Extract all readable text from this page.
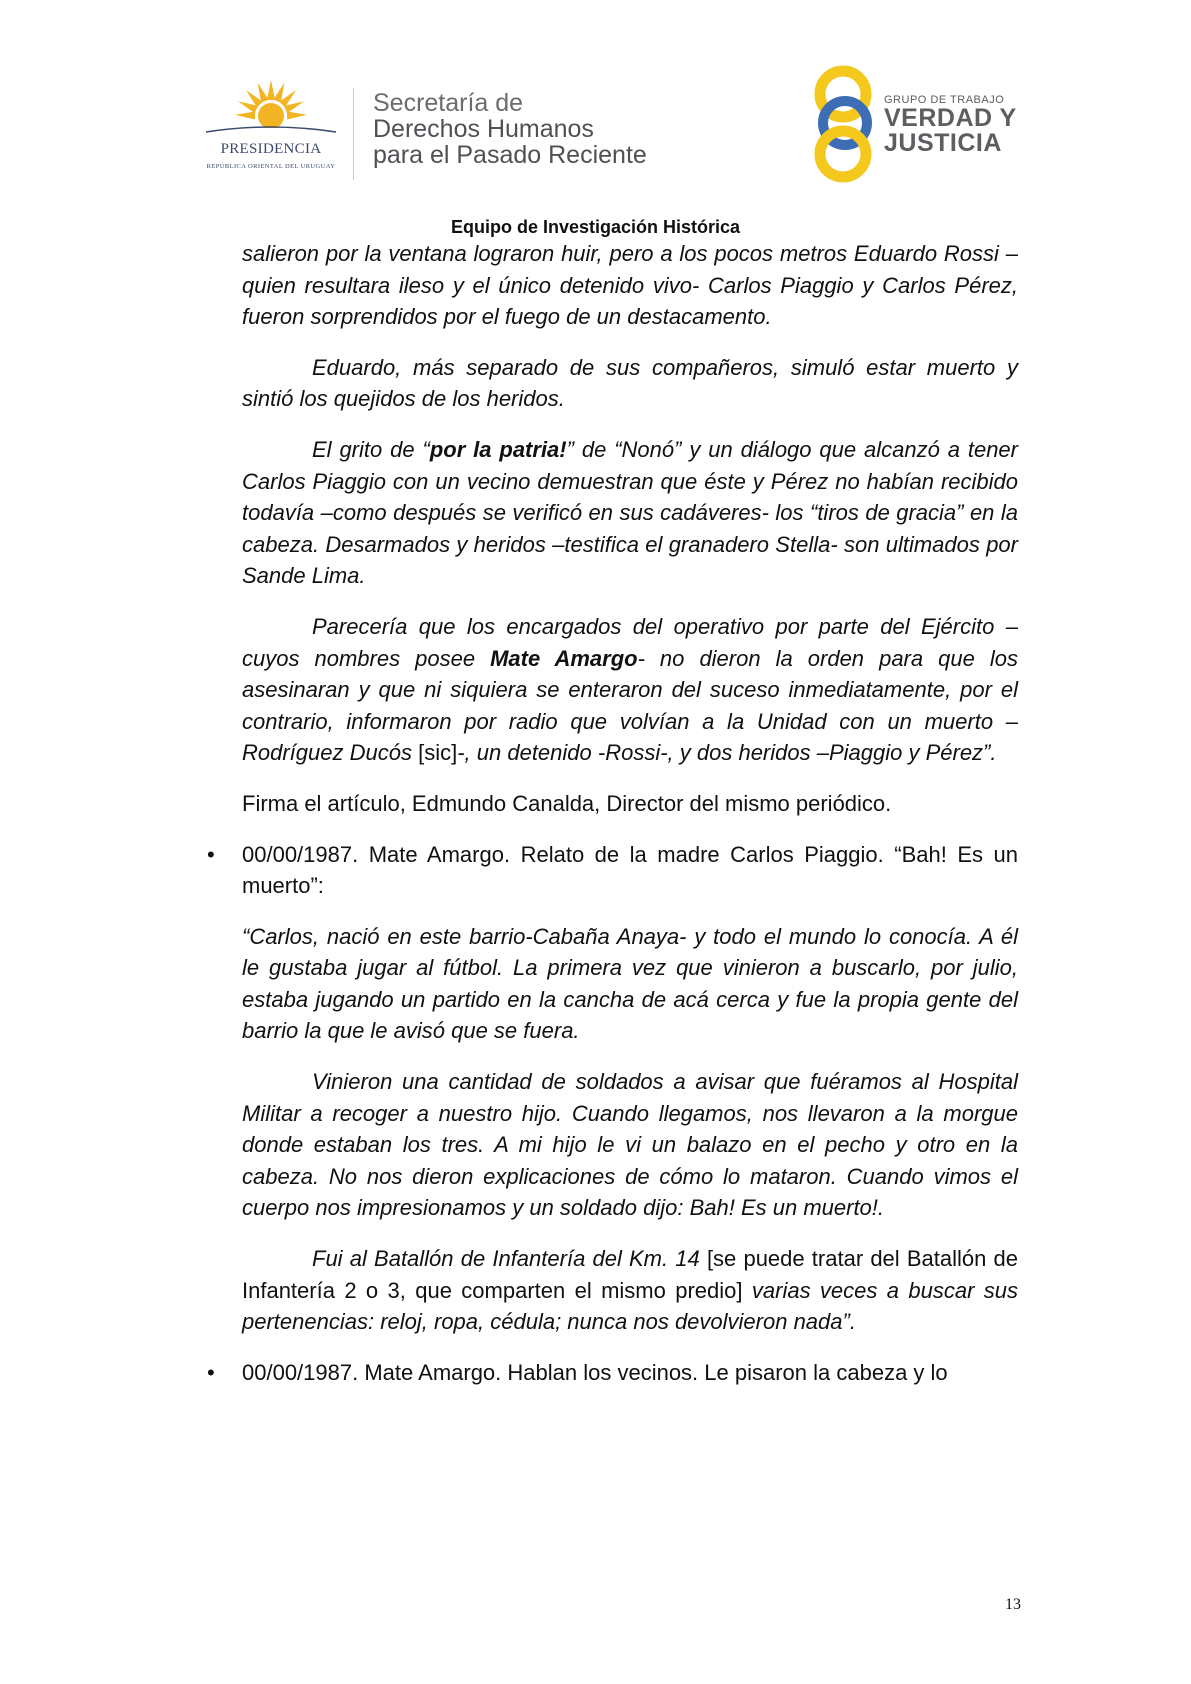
PRESIDENCIA
REPÚBLICA ORIENTAL DEL URUGUAY
Secretaría de
Derechos Humanos
para el Pasado Reciente
GRUPO DE TRABAJO
VERDAD Y
JUSTICIA
Equipo de Investigación Histórica

salieron por la ventana lograron huir, pero a los pocos metros Eduardo Rossi –quien resultara ileso y el único detenido vivo- Carlos Piaggio y Carlos Pérez, fueron sorprendidos por el fuego de un destacamento.

Eduardo, más separado de sus compañeros, simuló estar muerto y sintió los quejidos de los heridos.

El grito de “por la patria!” de “Nonó” y un diálogo que alcanzó a tener Carlos Piaggio con un vecino demuestran que éste y Pérez no habían recibido todavía –como después se verificó en sus cadáveres- los “tiros de gracia” en la cabeza. Desarmados y heridos –testifica el granadero Stella- son ultimados por Sande Lima.

Parecería que los encargados del operativo por parte del Ejército –cuyos nombres posee Mate Amargo- no dieron la orden para que los asesinaran y que ni siquiera se enteraron del suceso inmediatamente, por el contrario, informaron por radio que volvían a la Unidad con un muerto –Rodríguez Ducós [sic]-, un detenido -Rossi-, y dos heridos –Piaggio y Pérez”.

Firma el artículo, Edmundo Canalda, Director del mismo periódico.

• 00/00/1987. Mate Amargo. Relato de la madre Carlos Piaggio. “Bah! Es un muerto”:

“Carlos, nació en este barrio-Cabaña Anaya- y todo el mundo lo conocía. A él le gustaba jugar al fútbol. La primera vez que vinieron a buscarlo, por julio, estaba jugando un partido en la cancha de acá cerca y fue la propia gente del barrio la que le avisó que se fuera.

Vinieron una cantidad de soldados a avisar que fuéramos al Hospital Militar a recoger a nuestro hijo. Cuando llegamos, nos llevaron a la morgue donde estaban los tres. A mi hijo le vi un balazo en el pecho y otro en la cabeza. No nos dieron explicaciones de cómo lo mataron. Cuando vimos el cuerpo nos impresionamos y un soldado dijo: Bah! Es un muerto!.

Fui al Batallón de Infantería del Km. 14 [se puede tratar del Batallón de Infantería 2 o 3, que comparten el mismo predio] varias veces a buscar sus pertenencias: reloj, ropa, cédula; nunca nos devolvieron nada”.

• 00/00/1987. Mate Amargo. Hablan los vecinos. Le pisaron la cabeza y lo
13
